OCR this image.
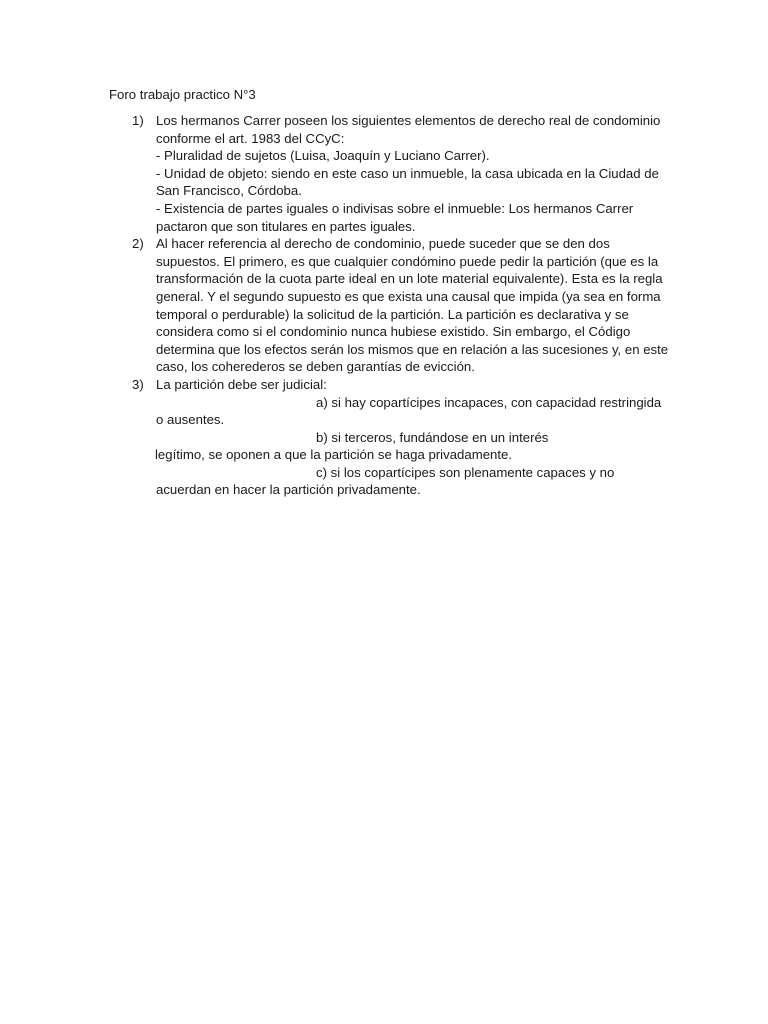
Foro trabajo practico N°3
1) Los hermanos Carrer poseen los siguientes elementos de derecho real de condominio
conforme el art. 1983 del CCyC:
- Pluralidad de sujetos (Luisa, Joaquín y Luciano Carrer).
- Unidad de objeto: siendo en este caso un inmueble, la casa ubicada en la Ciudad de
San Francisco, Córdoba.
- Existencia de partes iguales o indivisas sobre el inmueble: Los hermanos Carrer
pactaron que son titulares en partes iguales.
2) Al hacer referencia al derecho de condominio, puede suceder que se den dos
supuestos. El primero, es que cualquier condómino puede pedir la partición (que es la
transformación de la cuota parte ideal en un lote material equivalente). Esta es la regla
general. Y el segundo supuesto es que exista una causal que impida (ya sea en forma
temporal o perdurable) la solicitud de la partición. La partición es declarativa y se
considera como si el condominio nunca hubiese existido. Sin embargo, el Código
determina que los efectos serán los mismos que en relación a las sucesiones y, en este
caso, los coherederos se deben garantías de evicción.
3) La partición debe ser judicial:
a) si hay copartícipes incapaces, con capacidad restringida
o ausentes.
b) si terceros, fundándose en un interés
legítimo, se oponen a que la partición se haga privadamente.
c) si los copartícipes son plenamente capaces y no
acuerdan en hacer la partición privadamente.
